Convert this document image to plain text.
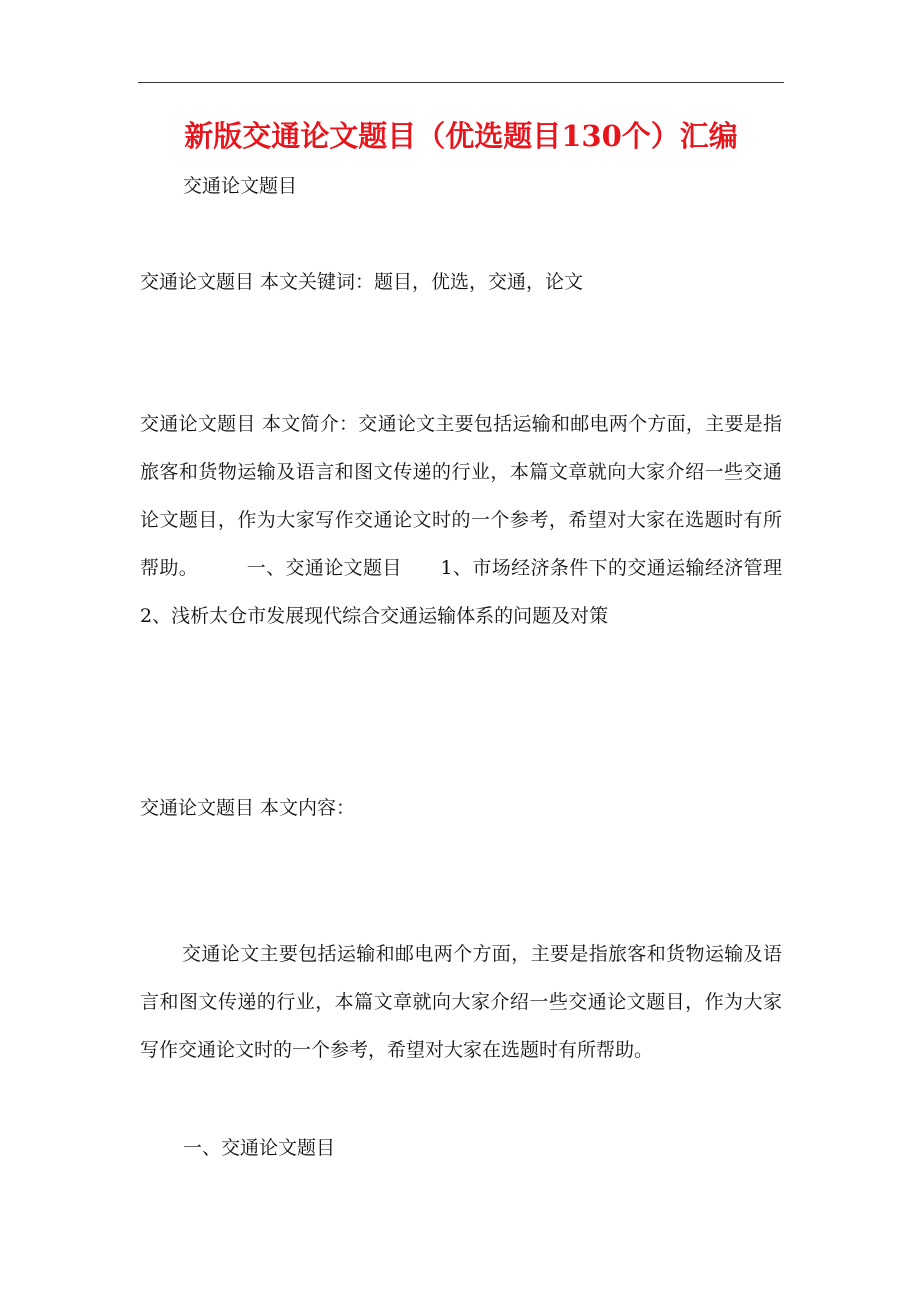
新版交通论文题目（优选题目130个）汇编
交通论文题目
交通论文题目 本文关键词：题目，优选，交通，论文
交通论文题目 本文简介：交通论文主要包括运输和邮电两个方面，主要是指旅客和货物运输及语言和图文传递的行业，本篇文章就向大家介绍一些交通论文题目，作为大家写作交通论文时的一个参考，希望对大家在选题时有所帮助。　　　一、交通论文题目　　1、市场经济条件下的交通运输经济管理　　2、浅析太仓市发展现代综合交通运输体系的问题及对策
交通论文题目 本文内容：
交通论文主要包括运输和邮电两个方面，主要是指旅客和货物运输及语言和图文传递的行业，本篇文章就向大家介绍一些交通论文题目，作为大家写作交通论文时的一个参考，希望对大家在选题时有所帮助。
一、交通论文题目
